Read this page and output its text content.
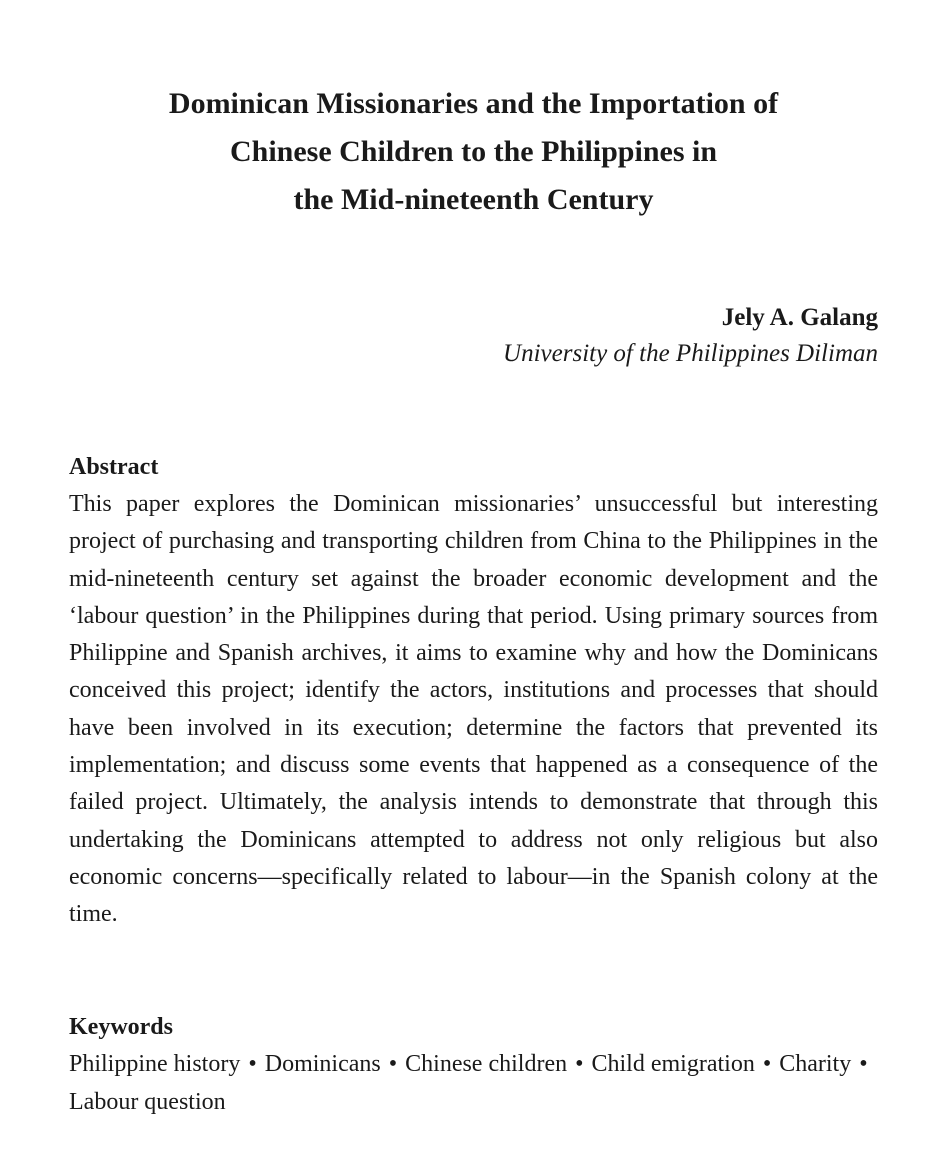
Dominican Missionaries and the Importation of
Chinese Children to the Philippines in
the Mid-nineteenth Century
Jely A. Galang
University of the Philippines Diliman
Abstract

This paper explores the Dominican missionaries’ unsuccessful but interesting project of purchasing and transporting children from China to the Philippines in the mid-nineteenth century set against the broader economic development and the ‘labour question’ in the Philippines during that period. Using primary sources from Philippine and Spanish archives, it aims to examine why and how the Dominicans conceived this project; identify the actors, institutions and processes that should have been involved in its execution; determine the factors that prevented its implementation; and discuss some events that happened as a consequence of the failed project. Ultimately, the analysis intends to demonstrate that through this undertaking the Dominicans attempted to address not only religious but also economic concerns—specifically related to labour—in the Spanish colony at the time.

Keywords

Philippine history • Dominicans • Chinese children • Child emigration • Charity • Labour question
